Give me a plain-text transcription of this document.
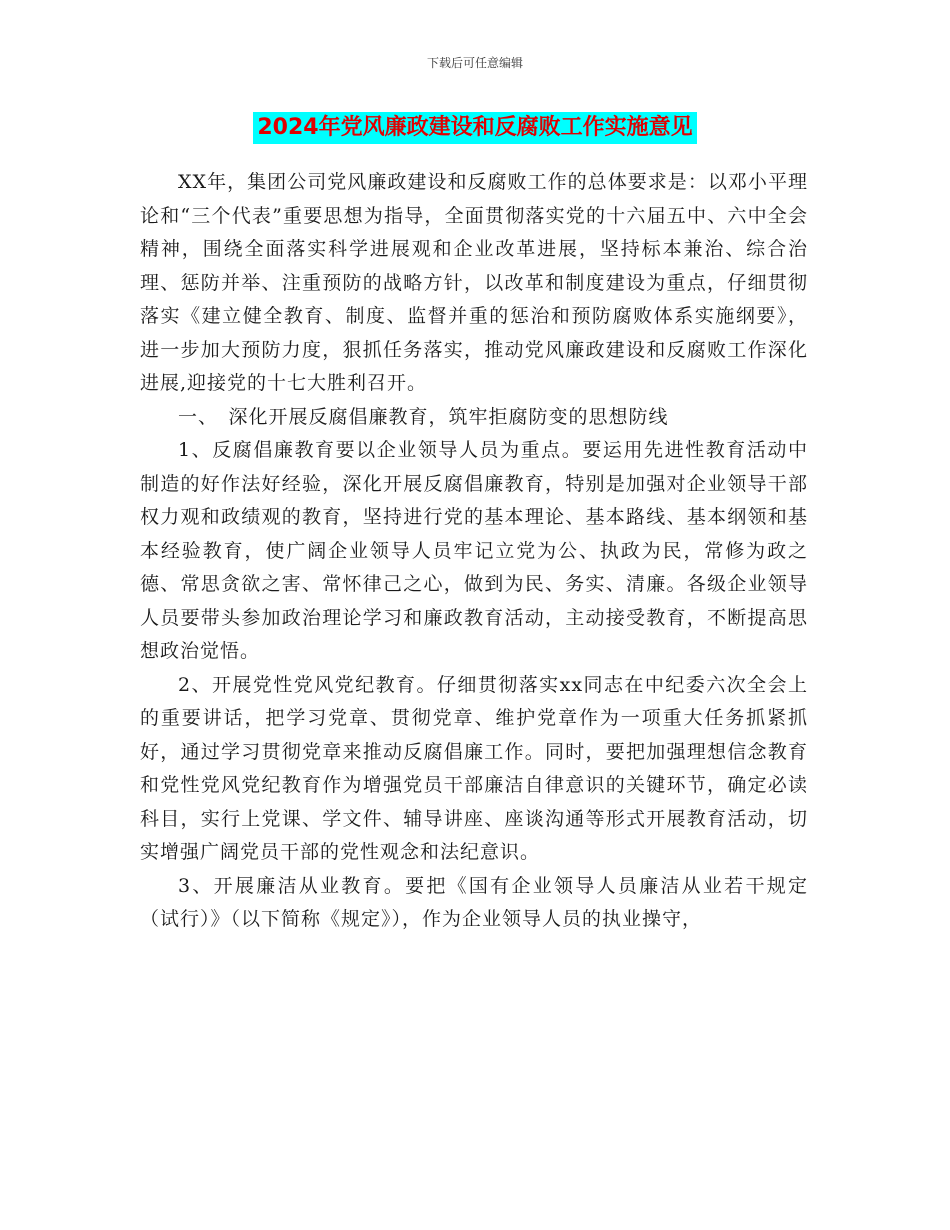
下载后可任意编辑
2024年党风廉政建设和反腐败工作实施意见

XX年，集团公司党风廉政建设和反腐败工作的总体要求是：以邓小平理论和“三个代表”重要思想为指导，全面贯彻落实党的十六届五中、六中全会精神，围绕全面落实科学进展观和企业改革进展，坚持标本兼治、综合治理、惩防并举、注重预防的战略方针，以改革和制度建设为重点，仔细贯彻落实《建立健全教育、制度、监督并重的惩治和预防腐败体系实施纲要》，进一步加大预防力度，狠抓任务落实，推动党风廉政建设和反腐败工作深化进展,迎接党的十七大胜利召开。

一、　深化开展反腐倡廉教育，筑牢拒腐防变的思想防线

1、反腐倡廉教育要以企业领导人员为重点。要运用先进性教育活动中制造的好作法好经验，深化开展反腐倡廉教育，特别是加强对企业领导干部权力观和政绩观的教育，坚持进行党的基本理论、基本路线、基本纲领和基本经验教育，使广阔企业领导人员牢记立党为公、执政为民，常修为政之德、常思贪欲之害、常怀律己之心，做到为民、务实、清廉。各级企业领导人员要带头参加政治理论学习和廉政教育活动，主动接受教育，不断提高思想政治觉悟。

2、开展党性党风党纪教育。仔细贯彻落实xx同志在中纪委六次全会上的重要讲话，把学习党章、贯彻党章、维护党章作为一项重大任务抓紧抓好，通过学习贯彻党章来推动反腐倡廉工作。同时，要把加强理想信念教育和党性党风党纪教育作为增强党员干部廉洁自律意识的关键环节，确定必读科目，实行上党课、学文件、辅导讲座、座谈沟通等形式开展教育活动，切实增强广阔党员干部的党性观念和法纪意识。

3、开展廉洁从业教育。要把《国有企业领导人员廉洁从业若干规定（试行）》（以下简称《规定》），作为企业领导人员的执业操守，
